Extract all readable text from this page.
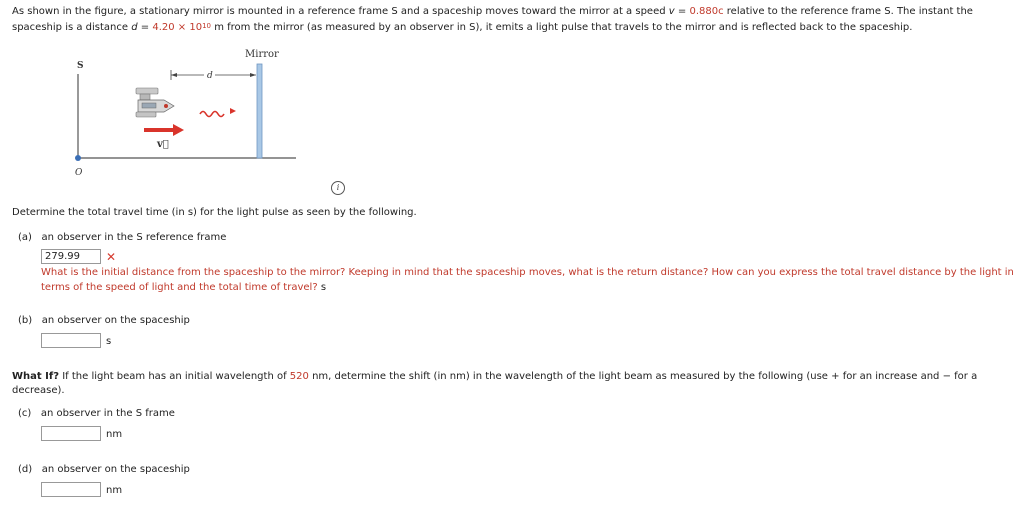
As shown in the figure, a stationary mirror is mounted in a reference frame S and a spaceship moves toward the mirror at a speed v = 0.880c relative to the reference frame S. The instant the spaceship is a distance $d = 4.20 \times 10^{10}$ m from the mirror (as measured by an observer in S), it emits a light pulse that travels to the mirror and is reflected back to the spaceship.
S
O
Mirror
d
v⃗
i
Determine the total travel time (in s) for the light pulse as seen by the following.
(a) an observer in the S reference frame
279.99
✕
What is the initial distance from the spaceship to the mirror? Keeping in mind that the spaceship moves, what is the return distance? How can you express the total travel distance by the light in terms of the speed of light and the total time of travel? s
(b) an observer on the spaceship
s
What If? If the light beam has an initial wavelength of 520 nm, determine the shift (in nm) in the wavelength of the light beam as measured by the following (use + for an increase and − for a decrease).
(c) an observer in the S frame
nm
(d) an observer on the spaceship
nm
